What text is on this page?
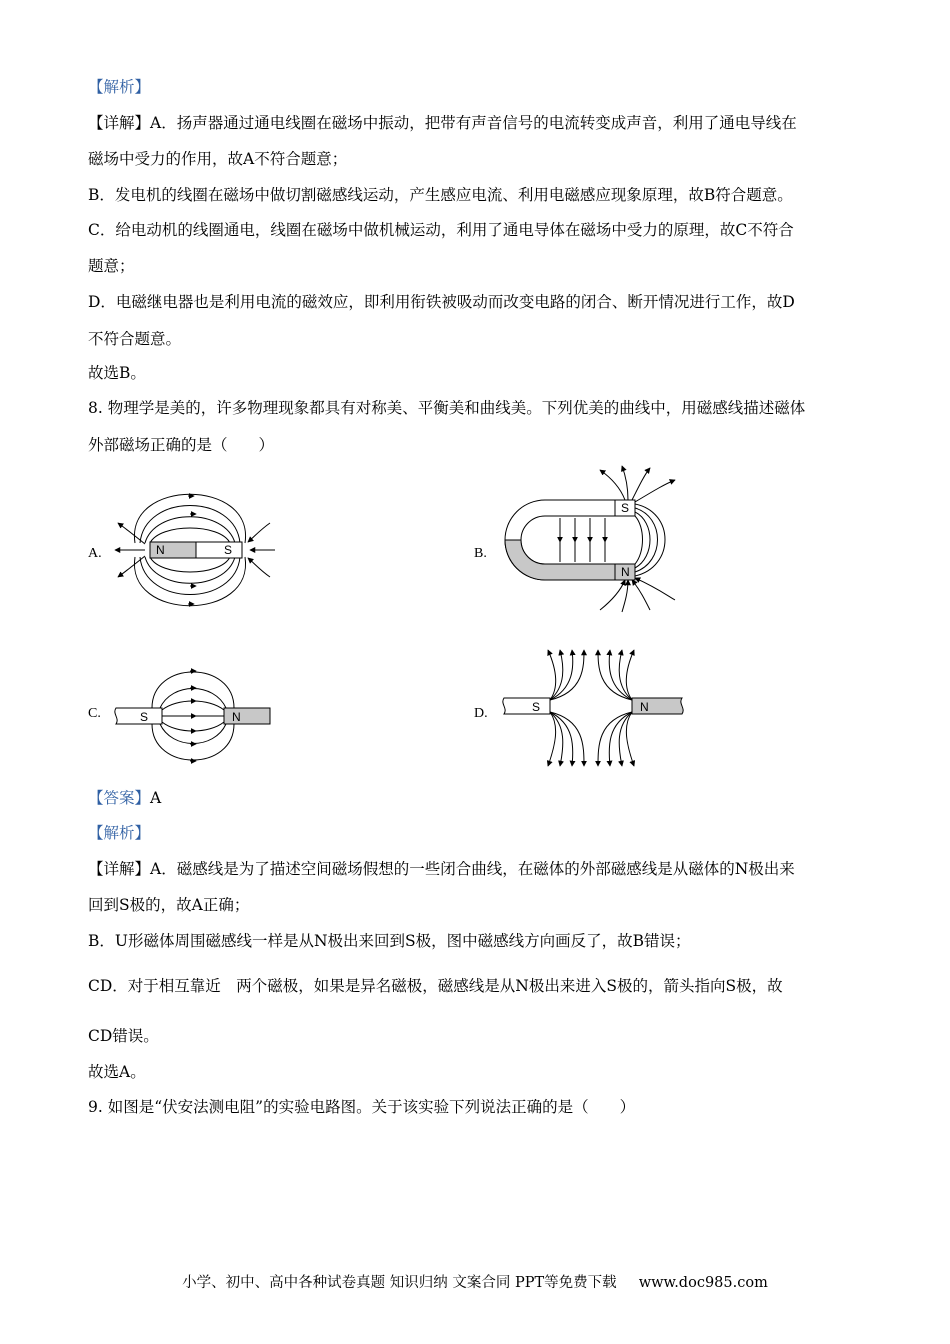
【解析】
【详解】A．扬声器通过通电线圈在磁场中振动，把带有声音信号的电流转变成声音，利用了通电导线在
磁场中受力的作用，故A不符合题意；
B．发电机的线圈在磁场中做切割磁感线运动，产生感应电流、利用电磁感应现象原理，故B符合题意。
C．给电动机的线圈通电，线圈在磁场中做机械运动，利用了通电导体在磁场中受力的原理，故C不符合
题意；
D．电磁继电器也是利用电流的磁效应，即利用衔铁被吸动而改变电路的闭合、断开情况进行工作，故D
不符合题意。
故选B。
8. 物理学是美的，许多物理现象都具有对称美、平衡美和曲线美。下列优美的曲线中，用磁感线描述磁体
外部磁场正确的是（　　）
A.	B.
C.	D.
N	S
S
N
S	N
S	N
【答案】A
【解析】
【详解】A．磁感线是为了描述空间磁场假想的一些闭合曲线，在磁体的外部磁感线是从磁体的N极出来
回到S极的，故A正确；
B．U形磁体周围磁感线一样是从N极出来回到S极，图中磁感线方向画反了，故B错误；
CD．对于相互靠近　两个磁极，如果是异名磁极，磁感线是从N极出来进入S极的，箭头指向S极，故
CD错误。
故选A。
9. 如图是“伏安法测电阻”的实验电路图。关于该实验下列说法正确的是（　　）
小学、初中、高中各种试卷真题 知识归纳 文案合同 PPT等免费下载 www.doc985.com
